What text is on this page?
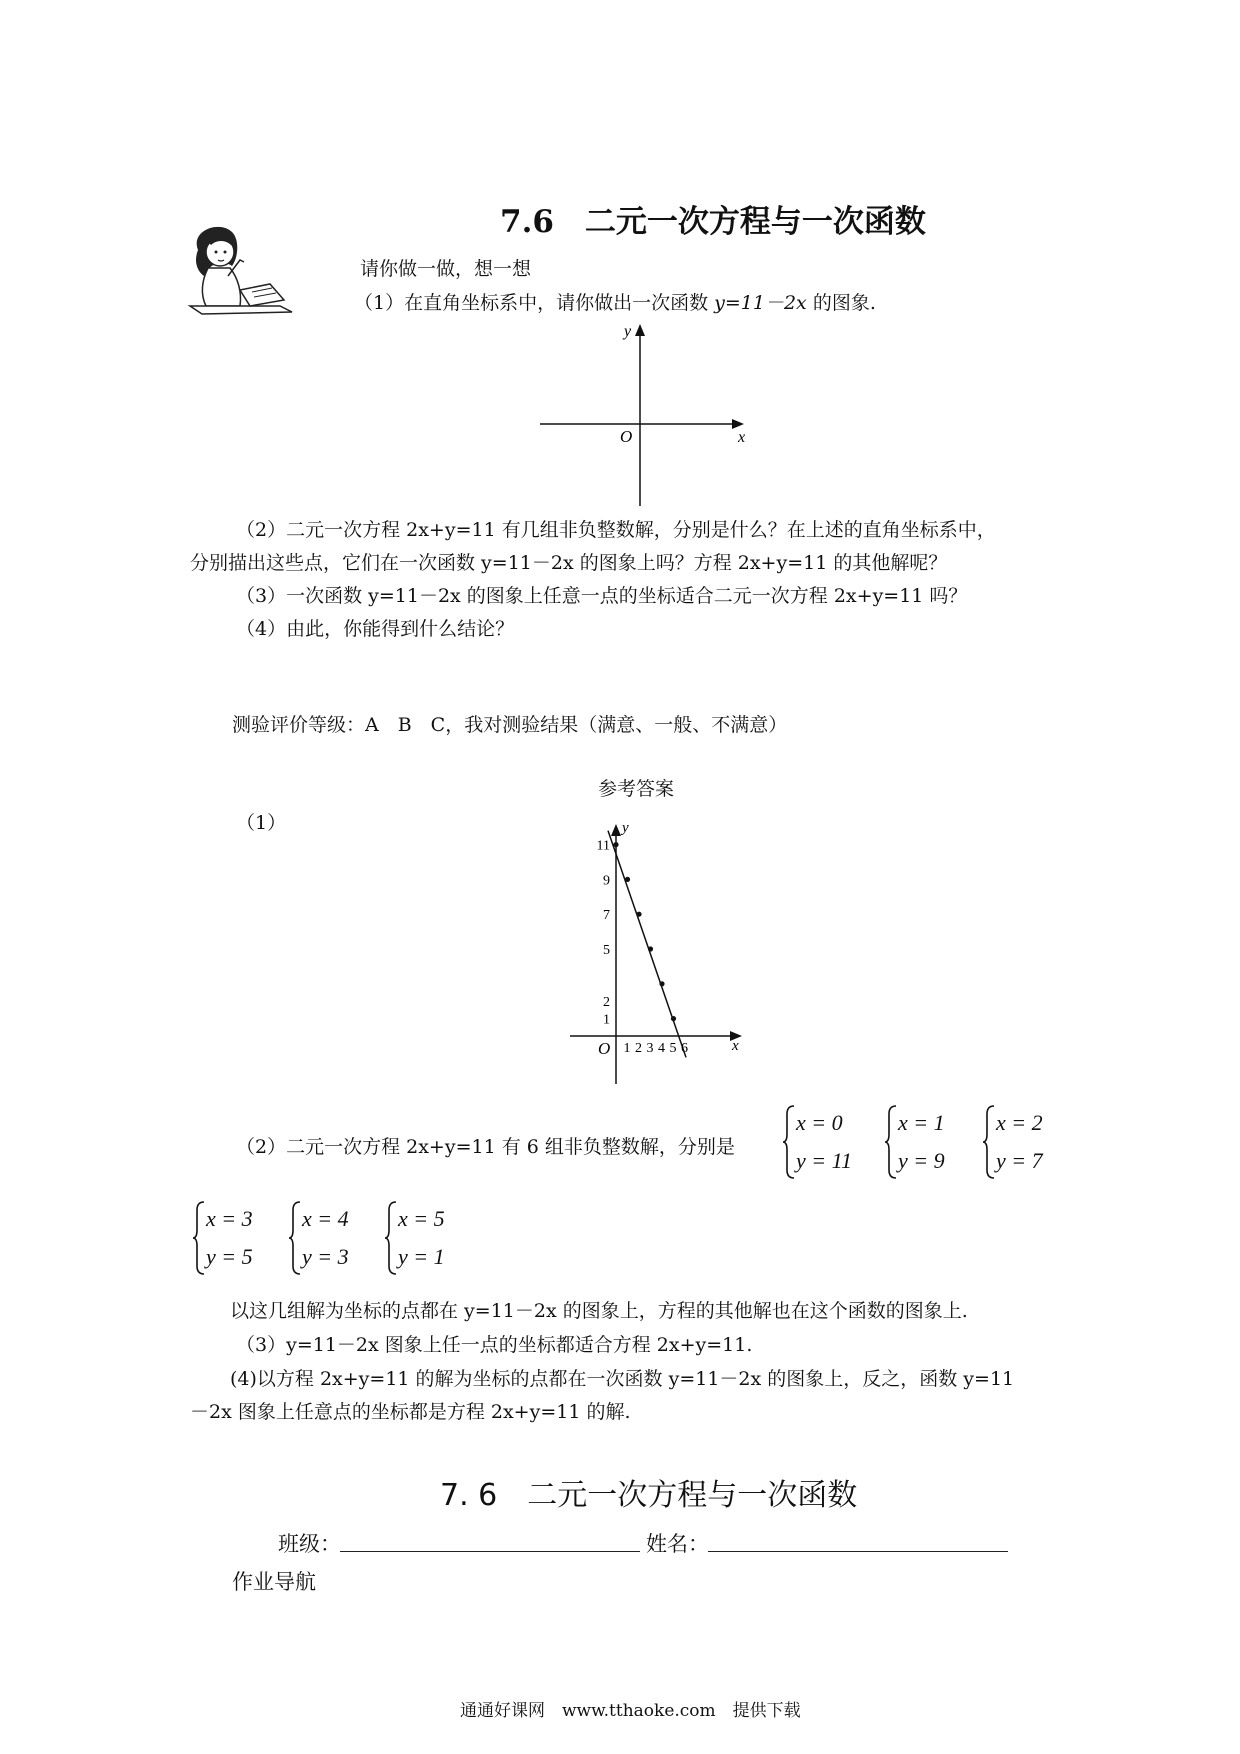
7.6　二元一次方程与一次函数
请你做一做，想一想
（1）在直角坐标系中，请你做出一次函数 y=11－2x 的图象.
x
y
O
（2）二元一次方程 2x+y=11 有几组非负整数解，分别是什么？在上述的直角坐标系中，
分别描出这些点，它们在一次函数 y=11－2x 的图象上吗？方程 2x+y=11 的其他解呢？
（3）一次函数 y=11－2x 的图象上任意一点的坐标适合二元一次方程 2x+y=11 吗？
（4）由此，你能得到什么结论？
测验评价等级：A　B　C，我对测验结果（满意、一般、不满意）
参考答案
（1）
x
y
O 1 2 3 4 5 6
1
2
5
7
9
11
（2）二元一次方程 2x+y=11 有 6 组非负整数解，分别是
x = 0
y = 11
x = 1
y = 9
x = 2
y = 7
x = 3
y = 5
x = 4
y = 3
x = 5
y = 1
以这几组解为坐标的点都在 y=11－2x 的图象上，方程的其他解也在这个函数的图象上.
（3）y=11－2x 图象上任一点的坐标都适合方程 2x+y=11.
(4)以方程 2x+y=11 的解为坐标的点都在一次函数 y=11－2x 的图象上，反之，函数 y=11
－2x 图象上任意点的坐标都是方程 2x+y=11 的解.
7. 6　二元一次方程与一次函数
班级：	姓名：
作业导航
通通好课网　www.tthaoke.com　提供下载
